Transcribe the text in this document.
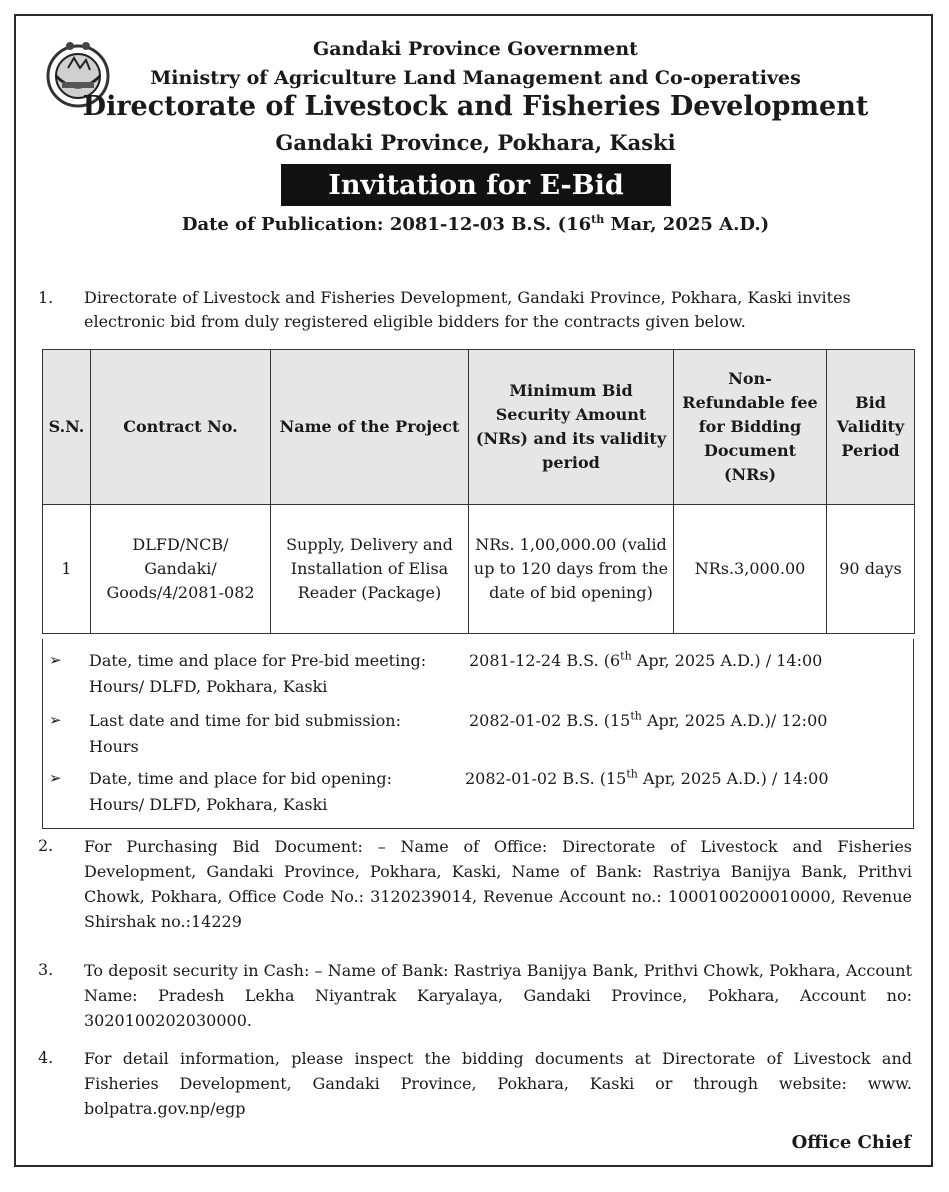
Gandaki Province Government
Ministry of Agriculture Land Management and Co-operatives
Directorate of Livestock and Fisheries Development
Gandaki Province, Pokhara, Kaski
Invitation for E-Bid
Date of Publication: 2081-12-03 B.S. (16th Mar, 2025 A.D.)
1. Directorate of Livestock and Fisheries Development, Gandaki Province, Pokhara, Kaski invites
electronic bid from duly registered eligible bidders for the contracts given below.
S.N.	Contract No.	Name of the Project	Minimum Bid Security Amount (NRs) and its validity period	Non-Refundable fee for Bidding Document (NRs)	Bid Validity Period
1	DLFD/NCB/ Gandaki/ Goods/4/2081-082	Supply, Delivery and Installation of Elisa Reader (Package)	NRs. 1,00,000.00 (valid up to 120 days from the date of bid opening)	NRs.3,000.00	90 days
➢ Date, time and place for Pre-bid meeting:	2081-12-24 B.S. (6th Apr, 2025 A.D.) / 14:00
Hours/ DLFD, Pokhara, Kaski
➢ Last date and time for bid submission:	2082-01-02 B.S. (15th Apr, 2025 A.D.)/ 12:00
Hours
➢ Date, time and place for bid opening:	2082-01-02 B.S. (15th Apr, 2025 A.D.) / 14:00
Hours/ DLFD, Pokhara, Kaski
2. For Purchasing Bid Document: – Name of Office: Directorate of Livestock and Fisheries Development, Gandaki Province, Pokhara, Kaski, Name of Bank: Rastriya Banijya Bank, Prithvi Chowk, Pokhara, Office Code No.: 3120239014, Revenue Account no.: 1000100200010000, Revenue Shirshak no.:14229
3. To deposit security in Cash: – Name of Bank: Rastriya Banijya Bank, Prithvi Chowk, Pokhara, Account Name: Pradesh Lekha Niyantrak Karyalaya, Gandaki Province, Pokhara, Account no: 3020100202030000.
4. For detail information, please inspect the bidding documents at Directorate of Livestock and Fisheries Development, Gandaki Province, Pokhara, Kaski or through website: www. bolpatra.gov.np/egp
Office Chief
